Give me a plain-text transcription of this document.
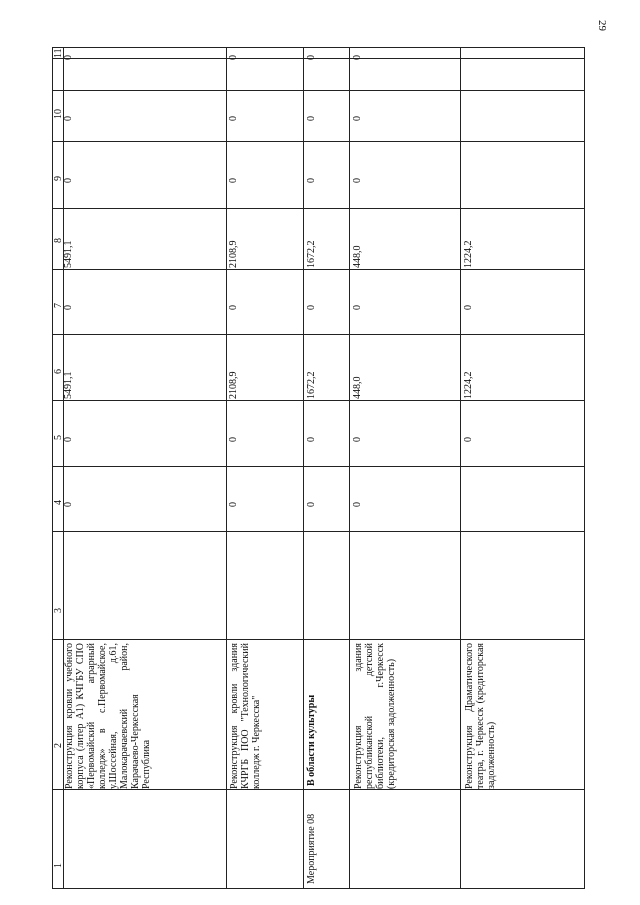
29
11
10
9
8
7
6
5
4
3
2
1
0
0
0
5491,1
0
5491,1
0
0
Реконструкция кровли учебного корпуса (литер А1) КЧГБУ СПО «Первомайский аграрный колледж» в с.Первомайское, у.Шоссейная, д.61, Малокарачаевский район, Карачаево-Черкесская Республика
0
0
0
2108,9
0
2108,9
0
0
Реконструкция кровли здания КЧРГБ ПОО "Технологический колледж г. Черкесска"
0
0
0
1672,2
0
1672,2
0
0
В области культуры
Мероприятие 08
0
0
0
448,0
0
448,0
0
0
Реконструкция здания республиканской детской библиотеки, г.Черкесск (кредиторская задолженность)
1224,2
0
1224,2
0
Реконструкция Драматического театра, г. Черкесск (кредиторская задолженность)
